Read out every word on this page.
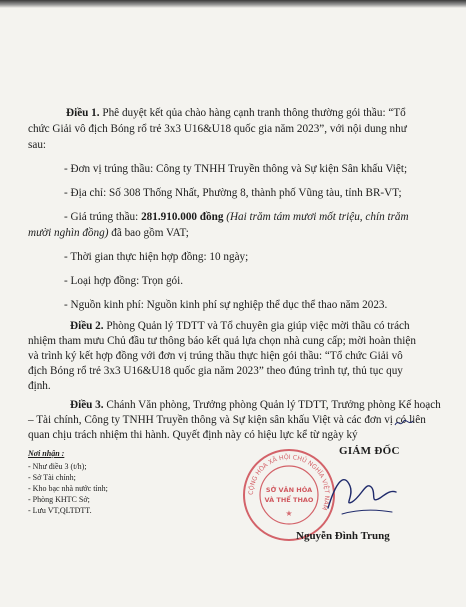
Điều 1. Phê duyệt kết qủa chào hàng cạnh tranh thông thường gói thầu: “Tổ

chức Giải vô địch Bóng rổ trẻ 3x3 U16&U18 quốc gia năm 2023”, với nội dung như

sau:

- Đơn vị trúng thầu: Công ty TNHH Truyền thông và Sự kiện Sân khấu Việt;

- Địa chỉ: Số 308 Thống Nhất, Phường 8, thành phố Vũng tàu, tỉnh BR-VT;

- Giá trúng thầu: 281.910.000 đồng (Hai trăm tám mươi mốt triệu, chín trăm

mười nghìn đồng) đã bao gồm VAT;

- Thời gian thực hiện hợp đồng: 10 ngày;

- Loại hợp đồng: Trọn gói.

- Nguồn kinh phí: Nguồn kinh phí sự nghiệp thể dục thể thao năm 2023.

Điều 2. Phòng Quản lý TDTT và Tổ chuyên gia giúp việc mời thầu có trách

nhiệm tham mưu Chủ đầu tư thông báo kết quả lựa chọn nhà cung cấp; mời hoàn thiện

và trình ký kết hợp đồng với đơn vị trúng thầu thực hiện gói thầu: “Tổ chức Giải vô

địch Bóng rổ trẻ 3x3 U16&U18 quốc gia năm 2023” theo đúng trình tự, thủ tục quy

định.

Điều 3. Chánh Văn phòng, Trưởng phòng Quản lý TDTT, Trưởng phòng Kế hoạch

– Tài chính, Công ty TNHH Truyền thông và Sự kiện sân khấu Việt và các đơn vị có liên

quan chịu trách nhiệm thi hành. Quyết định này có hiệu lực kể từ ngày ký

Nơi nhận :
- Như điều 3 (t/h);
- Sở Tài chính;
- Kho bạc nhà nước tỉnh;
- Phòng KHTC Sở;
- Lưu VT,QLTDTT.
CỘNG HÒA XÃ HỘI CHỦ NGHĨA VIỆT NAM
SỞ VĂN HÓA
VÀ THỂ THAO
★
GIÁM ĐỐC
Nguyễn Đình Trung
